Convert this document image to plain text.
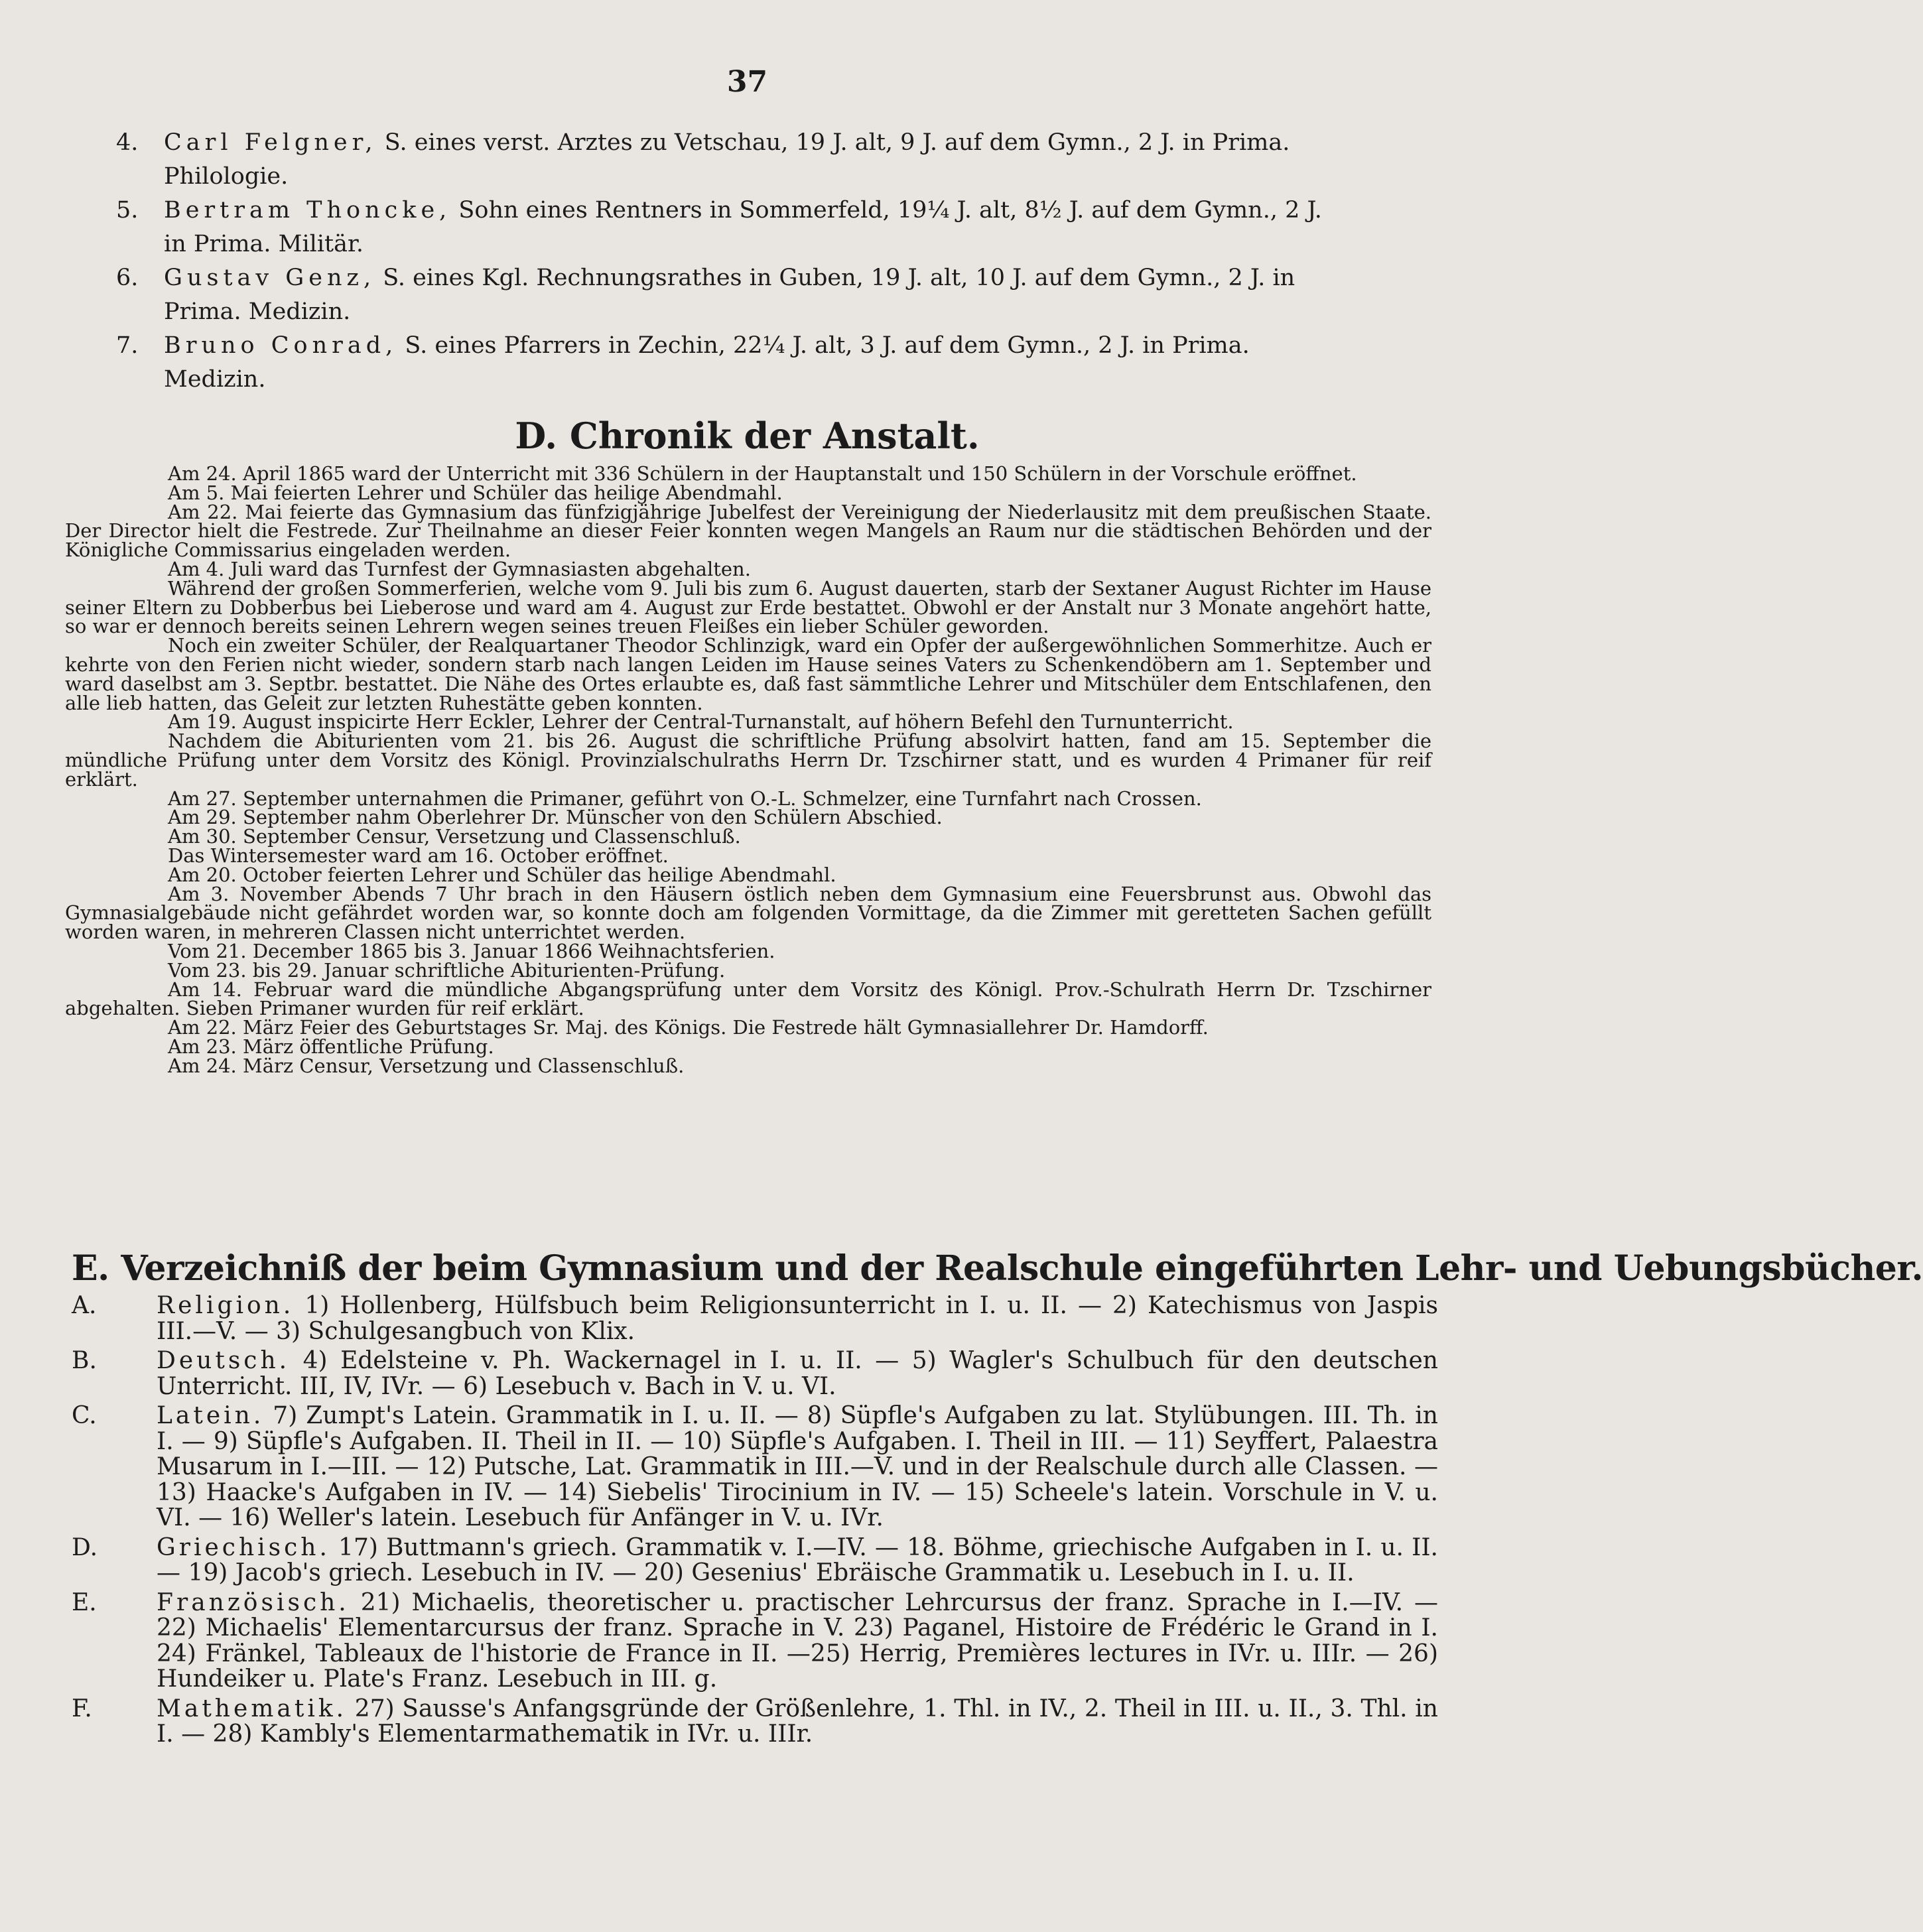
37
4. Carl Felgner, S. eines verst. Arztes zu Vetschau, 19 J. alt, 9 J. auf dem Gymn., 2 J. in Prima.
Philologie.
5. Bertram Thoncke, Sohn eines Rentners in Sommerfeld, 19¼ J. alt, 8½ J. auf dem Gymn., 2 J.
in Prima. Militär.
6. Gustav Genz, S. eines Kgl. Rechnungsrathes in Guben, 19 J. alt, 10 J. auf dem Gymn., 2 J. in
Prima. Medizin.
7. Bruno Conrad, S. eines Pfarrers in Zechin, 22¼ J. alt, 3 J. auf dem Gymn., 2 J. in Prima.
Medizin.
D. Chronik der Anstalt.

Am 24. April 1865 ward der Unterricht mit 336 Schülern in der Hauptanstalt und 150 Schülern in der Vorschule eröffnet.

Am 5. Mai feierten Lehrer und Schüler das heilige Abendmahl.

Am 22. Mai feierte das Gymnasium das fünfzigjährige Jubelfest der Vereinigung der Niederlausitz mit dem preußischen Staate. Der Director hielt die Festrede. Zur Theilnahme an dieser Feier konnten wegen Mangels an Raum nur die städtischen Behörden und der Königliche Commissarius eingeladen werden.

Am 4. Juli ward das Turnfest der Gymnasiasten abgehalten.

Während der großen Sommerferien, welche vom 9. Juli bis zum 6. August dauerten, starb der Sextaner August Richter im Hause seiner Eltern zu Dobberbus bei Lieberose und ward am 4. August zur Erde bestattet. Obwohl er der Anstalt nur 3 Monate angehört hatte, so war er dennoch bereits seinen Lehrern wegen seines treuen Fleißes ein lieber Schüler geworden.

Noch ein zweiter Schüler, der Realquartaner Theodor Schlinzigk, ward ein Opfer der außergewöhnlichen Sommerhitze. Auch er kehrte von den Ferien nicht wieder, sondern starb nach langen Leiden im Hause seines Vaters zu Schenkendöbern am 1. September und ward daselbst am 3. Septbr. bestattet. Die Nähe des Ortes erlaubte es, daß fast sämmtliche Lehrer und Mitschüler dem Entschlafenen, den alle lieb hatten, das Geleit zur letzten Ruhestätte geben konnten.

Am 19. August inspicirte Herr Eckler, Lehrer der Central-Turnanstalt, auf höhern Befehl den Turnunterricht.

Nachdem die Abiturienten vom 21. bis 26. August die schriftliche Prüfung absolvirt hatten, fand am 15. September die mündliche Prüfung unter dem Vorsitz des Königl. Provinzialschulraths Herrn Dr. Tzschirner statt, und es wurden 4 Primaner für reif erklärt.

Am 27. September unternahmen die Primaner, geführt von O.-L. Schmelzer, eine Turnfahrt nach Crossen.

Am 29. September nahm Oberlehrer Dr. Münscher von den Schülern Abschied.

Am 30. September Censur, Versetzung und Classenschluß.

Das Wintersemester ward am 16. October eröffnet.

Am 20. October feierten Lehrer und Schüler das heilige Abendmahl.

Am 3. November Abends 7 Uhr brach in den Häusern östlich neben dem Gymnasium eine Feuersbrunst aus. Obwohl das Gymnasialgebäude nicht gefährdet worden war, so konnte doch am folgenden Vormittage, da die Zimmer mit geretteten Sachen gefüllt worden waren, in mehreren Classen nicht unterrichtet werden.

Vom 21. December 1865 bis 3. Januar 1866 Weihnachtsferien.

Vom 23. bis 29. Januar schriftliche Abiturienten-Prüfung.

Am 14. Februar ward die mündliche Abgangsprüfung unter dem Vorsitz des Königl. Prov.-Schulrath Herrn Dr. Tzschirner abgehalten. Sieben Primaner wurden für reif erklärt.

Am 22. März Feier des Geburtstages Sr. Maj. des Königs. Die Festrede hält Gymnasiallehrer Dr. Hamdorff.

Am 23. März öffentliche Prüfung.

Am 24. März Censur, Versetzung und Classenschluß.

E. Verzeichniß der beim Gymnasium und der Realschule eingeführten Lehr- und Uebungsbücher.
A.	Religion. 1) Hollenberg, Hülfsbuch beim Religionsunterricht in I. u. II. — 2) Katechismus von Jaspis III.—V. — 3) Schulgesangbuch von Klix.
B.	Deutsch. 4) Edelsteine v. Ph. Wackernagel in I. u. II. — 5) Wagler's Schulbuch für den deutschen Unterricht. III, IV, IVr. — 6) Lesebuch v. Bach in V. u. VI.
C.	Latein. 7) Zumpt's Latein. Grammatik in I. u. II. — 8) Süpfle's Aufgaben zu lat. Stylübungen. III. Th. in I. — 9) Süpfle's Aufgaben. II. Theil in II. — 10) Süpfle's Aufgaben. I. Theil in III. — 11) Seyffert, Palaestra Musarum in I.—III. — 12) Putsche, Lat. Grammatik in III.—V. und in der Realschule durch alle Classen. — 13) Haacke's Aufgaben in IV. — 14) Siebelis' Tirocinium in IV. — 15) Scheele's latein. Vorschule in V. u. VI. — 16) Weller's latein. Lesebuch für Anfänger in V. u. IVr.
D.	Griechisch. 17) Buttmann's griech. Grammatik v. I.—IV. — 18. Böhme, griechische Aufgaben in I. u. II. — 19) Jacob's griech. Lesebuch in IV. — 20) Gesenius' Ebräische Grammatik u. Lesebuch in I. u. II.
E.	Französisch. 21) Michaelis, theoretischer u. practischer Lehrcursus der franz. Sprache in I.—IV. — 22) Michaelis' Elementarcursus der franz. Sprache in V. 23) Paganel, Histoire de Frédéric le Grand in I. 24) Fränkel, Tableaux de l'historie de France in II. —25) Herrig, Premières lectures in IVr. u. IIIr. — 26) Hundeiker u. Plate's Franz. Lesebuch in III. g.
F.	Mathematik. 27) Sausse's Anfangsgründe der Größenlehre, 1. Thl. in IV., 2. Theil in III. u. II., 3. Thl. in I. — 28) Kambly's Elementarmathematik in IVr. u. IIIr.
